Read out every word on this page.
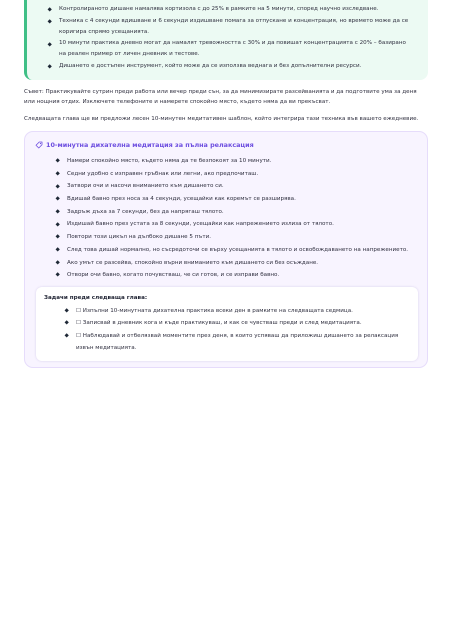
Контролираното дишане намалява кортизола с до 25% в рамките на 5 минути, според научно изследване.
Техника с 4 секунди вдишване и 6 секунди издишване помага за отпускане и концентрация, но времето може да се коригира спрямо усещанията.
10 минути практика дневно могат да намалят тревожността с 30% и да повишат концентрацията с 20% – базирано на реален пример от личен дневник и тестове.
Дишането е достъпен инструмент, който може да се използва веднага и без допълнителни ресурси.

Съвет: Практикувайте сутрин преди работа или вечер преди сън, за да минимизирате разсейванията и да подготвите ума за деня или нощния отдих. Изключете телефоните и намерете спокойно място, където няма да ви прекъсват.

Следващата глава ще ви предложи лесен 10-минутен медитативен шаблон, който интегрира тази техника във вашето ежедневие.

10-минутна дихателна медитация за пълна релаксация
Намери спокойно място, където няма да те безпокоят за 10 минути.
Седни удобно с изправен гръбнак или легни, ако предпочиташ.
Затвори очи и насочи вниманието към дишането си.
Вдишай бавно през носа за 4 секунди, усещайки как коремът се разширява.
Задръж дъха за 7 секунди, без да напрягаш тялото.
Издишай бавно през устата за 8 секунди, усещайки как напрежението излиза от тялото.
Повтори този цикъл на дълбоко дишане 5 пъти.
След това дишай нормално, но съсредоточи се върху усещанията в тялото и освобождаването на напрежението.
Ако умът се разсейва, спокойно върни вниманието към дишането си без осъждане.
Отвори очи бавно, когато почувстваш, че си готов, и се изправи бавно.
Задачи преди следваща глава:
☐ Изпълни 10-минутната дихателна практика всеки ден в рамките на следващата седмица.
☐ Записвай в дневник кога и къде практикуваш, и как се чувстваш преди и след медитацията.
☐ Наблюдавай и отбелязвай моментите през деня, в които успяваш да приложиш дишането за релаксация извън медитацията.
